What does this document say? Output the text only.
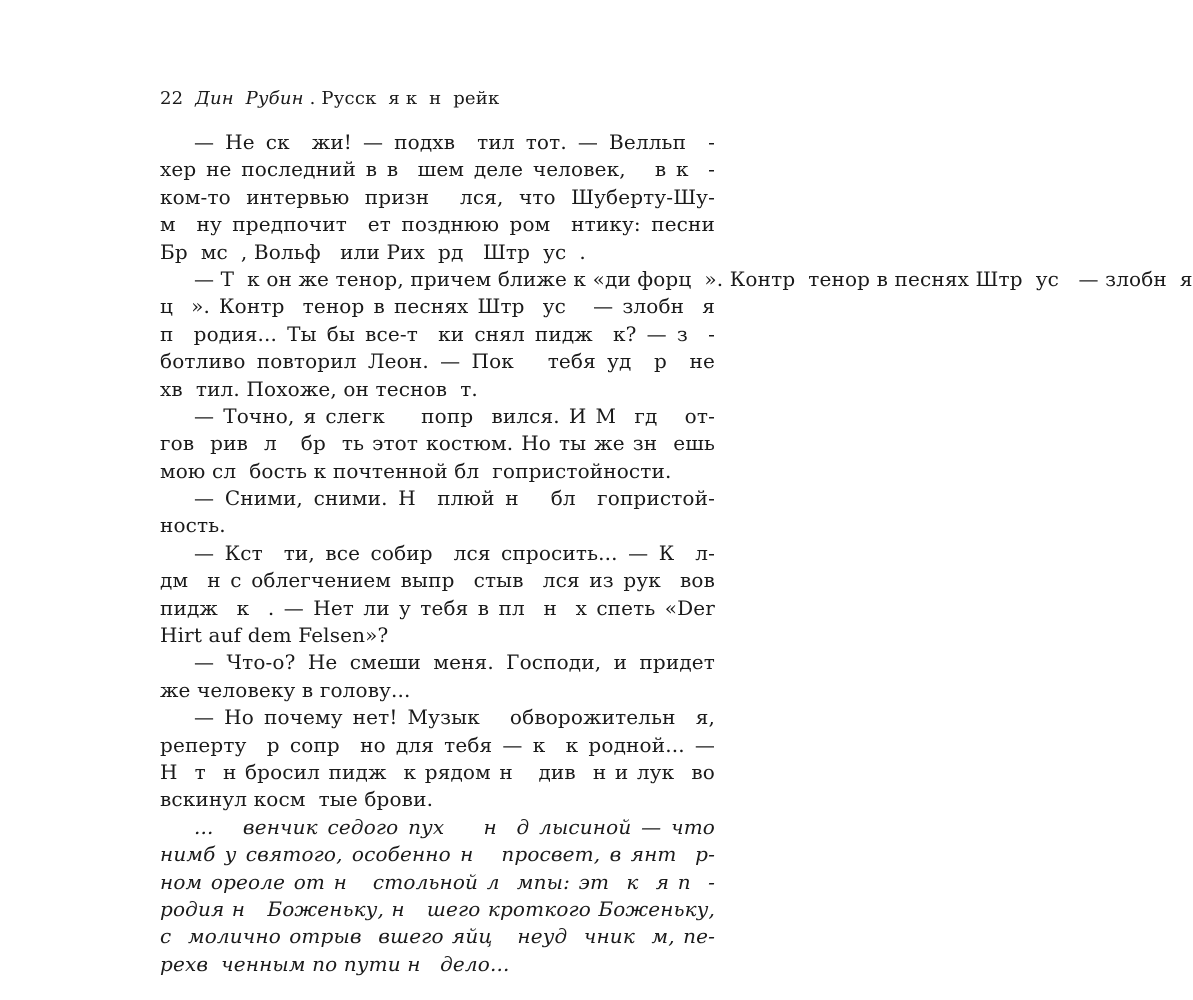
22 Дин  Рубин . Русск  я к  н  рейк
— Не ск  жи! — подхв  тил тот. — Велльп  -
хер не последний в в  шем деле человек,   в к  -
ком-то интервью призн  лся, что Шуберту-Шу-
м  ну предпочит  ет позднюю ром  нтику: песни
Бр  мс  , Вольф   или Рих  рд   Штр  ус  .
— Т  к он же тенор, причем ближе к «ди форц  ». Контр  тенор в песнях Штр  ус   — злобн  я
ц  ». Контр  тенор в песнях Штр  ус   — злобн  я
п  родия... Ты бы все-т  ки снял пидж  к? — з  -
ботливо повторил Леон. — Пок   тебя уд  р  не
хв  тил. Похоже, он теснов  т.
— Точно, я слегк    попр  вился. И М  гд   от-
гов  рив  л   бр  ть этот костюм. Но ты же зн  ешь
мою сл  бость к почтенной бл  гопристойности.
— Сними, сними. Н  плюй н   бл  гопристой-
ность.
— Кст  ти, все собир  лся спросить... — К  л-
дм  н с облегчением выпр  стыв  лся из рук  вов
пидж  к  . — Нет ли у тебя в пл  н  х спеть «Der
Hirt auf dem Felsen»?
— Что-о? Не смеши меня. Господи, и придет
же человеку в голову...
— Но почему нет! Музык   обворожительн  я,
реперту  р сопр  но для тебя — к  к родной... —
Н  т  н бросил пидж  к рядом н   див  н и лук  во
вскинул косм  тые брови.
...   венчик седого пух    н  д лысиной — что
нимб у святого, особенно н   просвет, в янт  р-
ном ореоле от н   стольной л  мпы: эт  к  я п  -
родия н   Боженьку, н   шего кроткого Боженьку,
с  молично отрыв  вшего яйц   неуд  чник  м, пе-
рехв  ченным по пути н   дело...
